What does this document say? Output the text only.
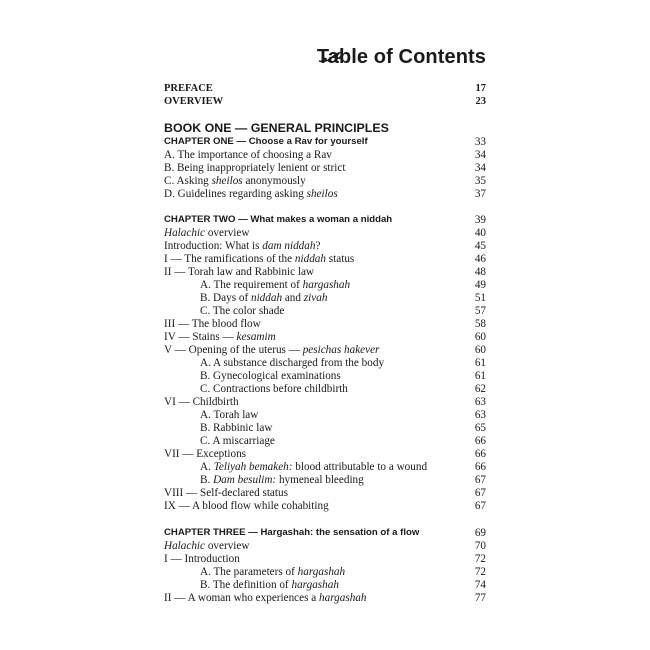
Table of Contents
PREFACE	17
OVERVIEW	23
BOOK ONE — GENERAL PRINCIPLES
CHAPTER ONE — Choose a Rav for yourself	33
A. The importance of choosing a Rav	34
B. Being inappropriately lenient or strict	34
C. Asking sheilos anonymously	35
D. Guidelines regarding asking sheilos	37
CHAPTER TWO — What makes a woman a niddah	39
Halachic overview	40
Introduction: What is dam niddah?	45
I — The ramifications of the niddah status	46
II — Torah law and Rabbinic law	48
A. The requirement of hargashah	49
B. Days of niddah and zivah	51
C. The color shade	57
III — The blood flow	58
IV — Stains — kesamim	60
V — Opening of the uterus — pesichas hakever	60
A. A substance discharged from the body	61
B. Gynecological examinations	61
C. Contractions before childbirth	62
VI — Childbirth	63
A. Torah law	63
B. Rabbinic law	65
C. A miscarriage	66
VII — Exceptions	66
A. Teliyah bemakeh: blood attributable to a wound	66
B. Dam besulim: hymeneal bleeding	67
VIII — Self-declared status	67
IX — A blood flow while cohabiting	67
CHAPTER THREE — Hargashah: the sensation of a flow	69
Halachic overview	70
I — Introduction	72
A. The parameters of hargashah	72
B. The definition of hargashah	74
II — A woman who experiences a hargashah	77
